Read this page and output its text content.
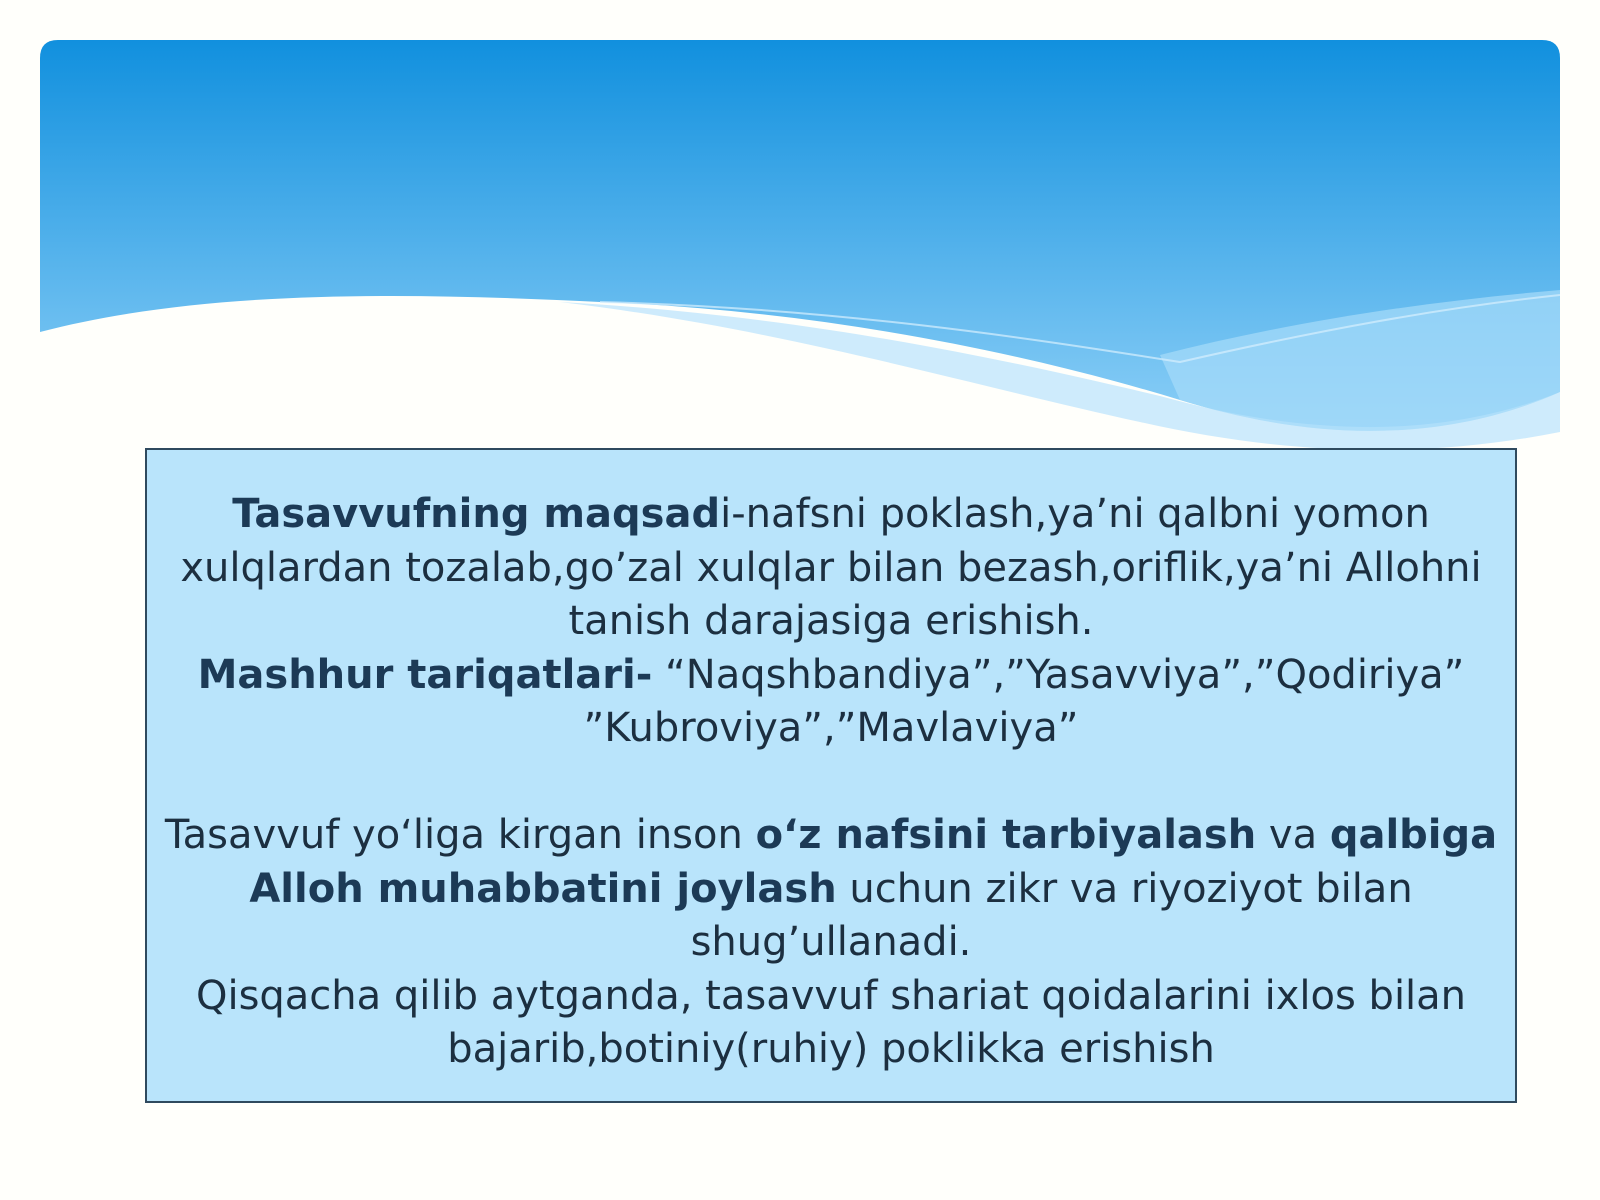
Tasavvufning maqsadi-nafsni poklash,ya’ni qalbni yomon xulqlardan tozalab,go’zal xulqlar bilan bezash,oriflik,ya’ni Allohni tanish darajasiga erishish.

Mashhur tariqatlari- “Naqshbandiya”,”Yasavviya”,”Qodiriya” ”Kubroviya”,”Mavlaviya”

Tasavvuf yo‘liga kirgan inson o‘z nafsini tarbiyalash va qalbiga Alloh muhabbatini joylash uchun zikr va riyoziyot bilan shug’ullanadi.

Qisqacha qilib aytganda, tasavvuf shariat qoidalarini ixlos bilan bajarib,botiniy(ruhiy) poklikka erishish
